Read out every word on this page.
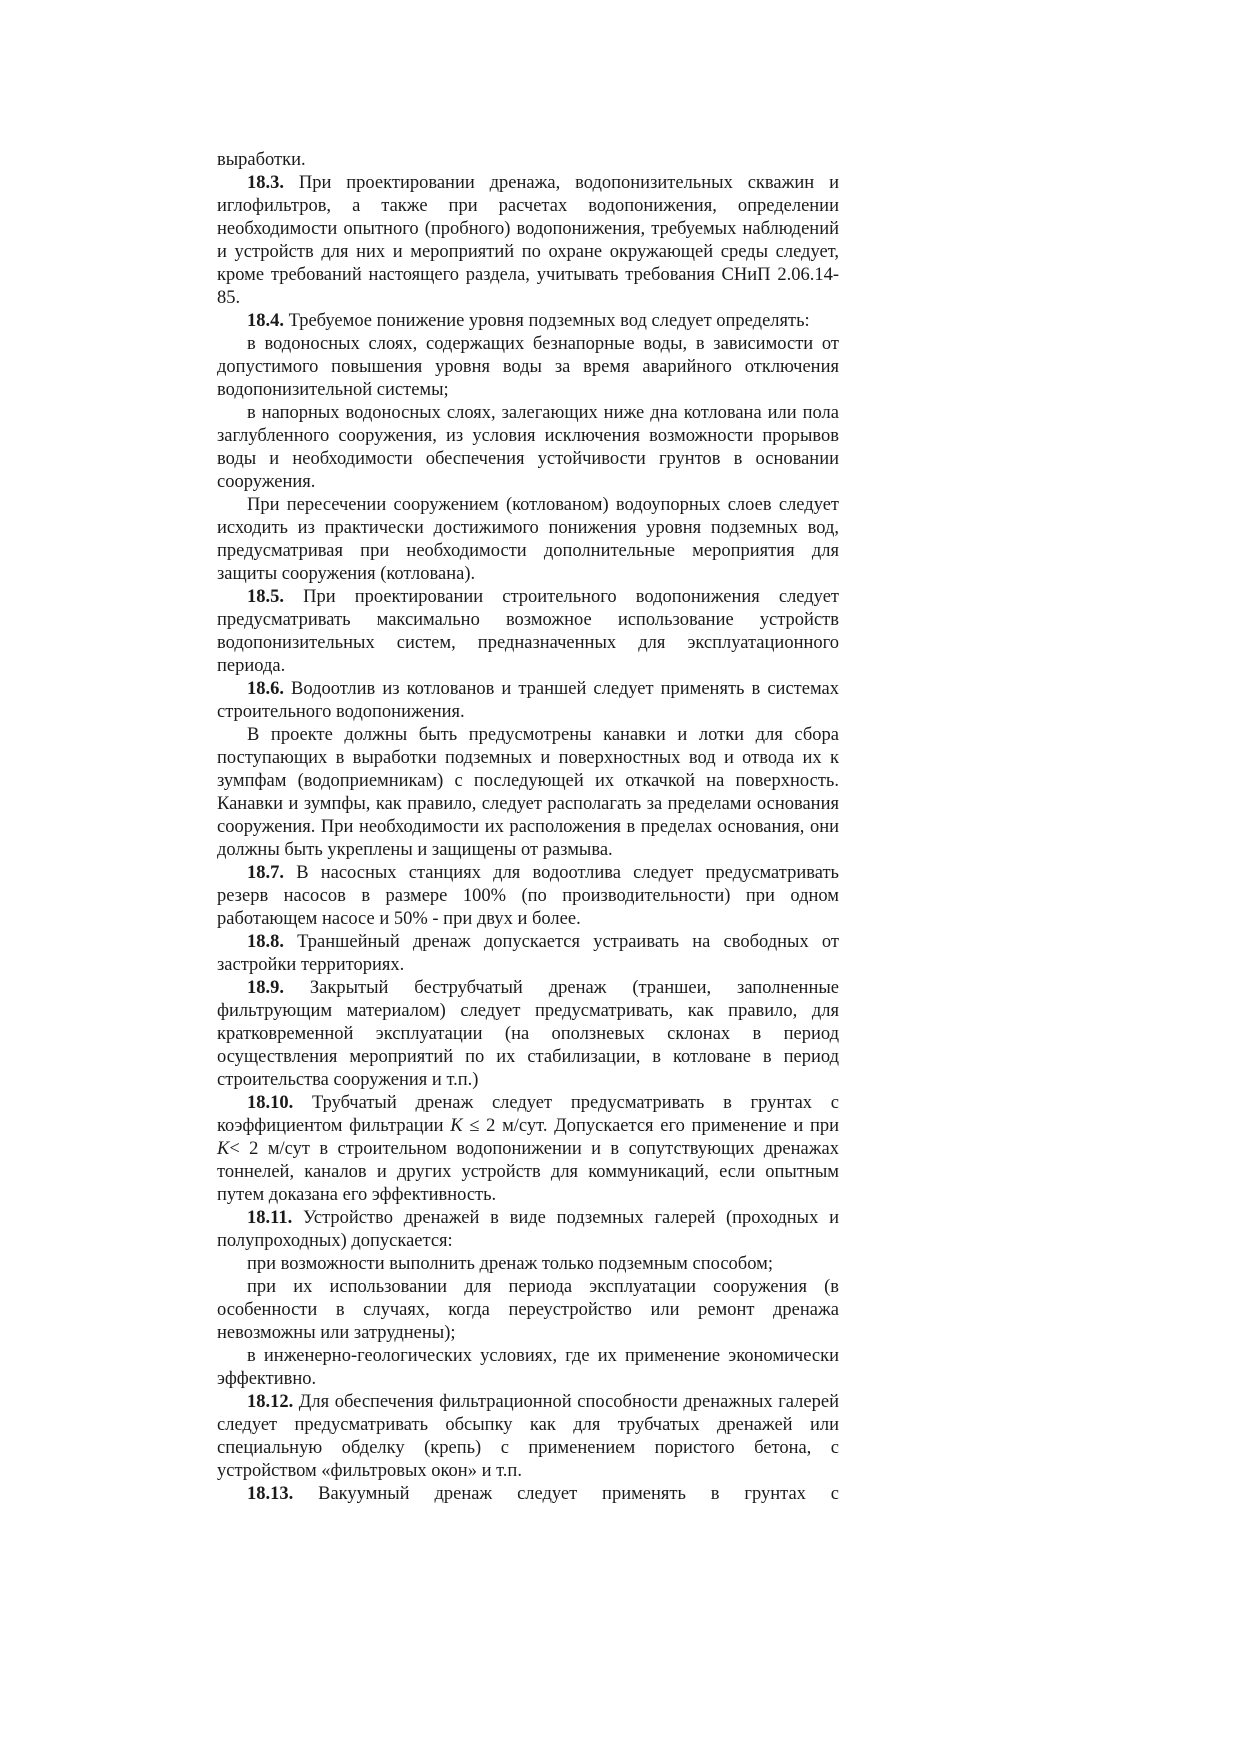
выработки.

18.3. При проектировании дренажа, водопонизительных скважин и иглофильтров, а также при расчетах водопонижения, определении необходимости опытного (пробного) водопонижения, требуемых наблюдений и устройств для них и мероприятий по охране окружающей среды следует, кроме требований настоящего раздела, учитывать требования СНиП 2.06.14-85.

18.4. Требуемое понижение уровня подземных вод следует определять:

в водоносных слоях, содержащих безнапорные воды, в зависимости от допустимого повышения уровня воды за время аварийного отключения водопонизительной системы;

в напорных водоносных слоях, залегающих ниже дна котлована или пола заглубленного сооружения, из условия исключения возможности прорывов воды и необходимости обеспечения устойчивости грунтов в основании сооружения.

При пересечении сооружением (котлованом) водоупорных слоев следует исходить из практически достижимого понижения уровня подземных вод, предусматривая при необходимости дополнительные мероприятия для защиты сооружения (котлована).

18.5. При проектировании строительного водопонижения следует предусматривать максимально возможное использование устройств водопонизительных систем, предназначенных для эксплуатационного периода.

18.6. Водоотлив из котлованов и траншей следует применять в системах строительного водопонижения.

В проекте должны быть предусмотрены канавки и лотки для сбора поступающих в выработки подземных и поверхностных вод и отвода их к зумпфам (водоприемникам) с последующей их откачкой на поверхность. Канавки и зумпфы, как правило, следует располагать за пределами основания сооружения. При необходимости их расположения в пределах основания, они должны быть укреплены и защищены от размыва.

18.7. В насосных станциях для водоотлива следует предусматривать резерв насосов в размере 100% (по производительности) при одном работающем насосе и 50% - при двух и более.

18.8. Траншейный дренаж допускается устраивать на свободных от застройки территориях.

18.9. Закрытый беструбчатый дренаж (траншеи, заполненные фильтрующим материалом) следует предусматривать, как правило, для кратковременной эксплуатации (на оползневых склонах в период осуществления мероприятий по их стабилизации, в котловане в период строительства сооружения и т.п.)

18.10. Трубчатый дренаж следует предусматривать в грунтах с коэффициентом фильтрации K ≤ 2 м/сут. Допускается его применение и при K< 2 м/сут в строительном водопонижении и в сопутствующих дренажах тоннелей, каналов и других устройств для коммуникаций, если опытным путем доказана его эффективность.

18.11. Устройство дренажей в виде подземных галерей (проходных и полупроходных) допускается:

при возможности выполнить дренаж только подземным способом;

при их использовании для периода эксплуатации сооружения (в особенности в случаях, когда переустройство или ремонт дренажа невозможны или затруднены);

в инженерно-геологических условиях, где их применение экономически эффективно.

18.12. Для обеспечения фильтрационной способности дренажных галерей следует предусматривать обсыпку как для трубчатых дренажей или специальную обделку (крепь) с применением пористого бетона, с устройством «фильтровых окон» и т.п.

18.13. Вакуумный дренаж следует применять в грунтах с
